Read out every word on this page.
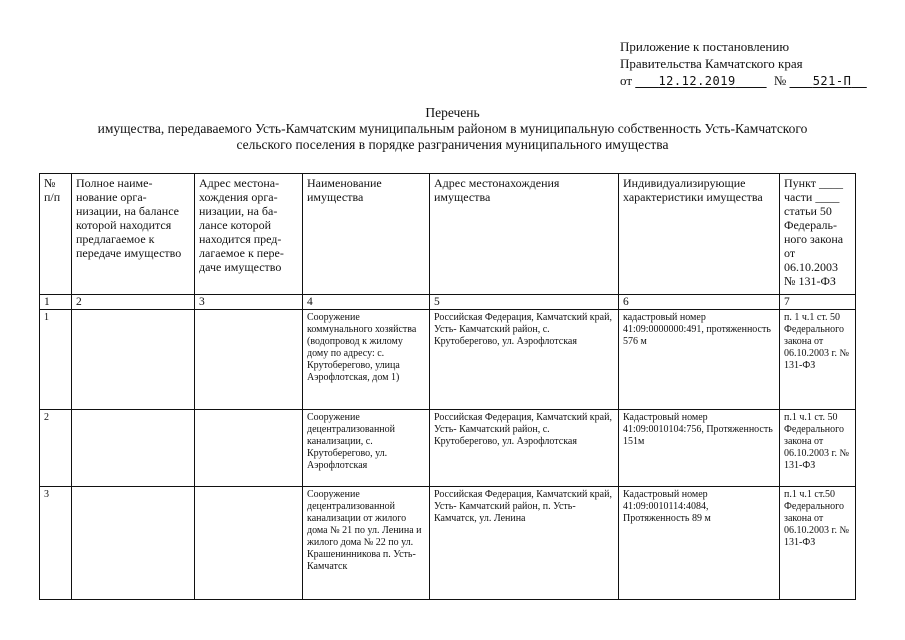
Приложение к постановлению
Правительства Камчатского края
от 12.12.2019	№ 521-П
Перечень
имущества, передаваемого Усть-Камчатским муниципальным районом в муниципальную собственность Усть-Камчатского
сельского поселения в порядке разграничения муниципального имущества
№ п/п	Полное наиме-нование орга-низации, на балансе которой находится предлагаемое к передаче имущество	Адрес местона-хождения орга-низации, на ба-лансе которой находится пред-лагаемое к пере-даче имущество	Наименование имущества	Адрес местонахождения имущества	Индивидуализирующие характеристики имущества	Пункт ____ части ____ статьи 50 Федераль-ного закона от 06.10.2003 № 131-ФЗ
1	2	3	4	5	6	7
1			Сооружение коммунального хозяйства (водопровод к жилому дому по адресу: с. Крутоберегово, улица Аэрофлотская, дом 1)	Российская Федерация, Камчатский край, Усть- Камчатский район, с. Крутоберегово, ул. Аэрофлотская	кадастровый номер 41:09:0000000:491, протяженность 576 м	п. 1 ч.1 ст. 50 Федерального закона от 06.10.2003 г. № 131-ФЗ
2			Сооружение децентрализованной канализации, с. Крутоберегово, ул. Аэрофлотская	Российская Федерация, Камчатский край, Усть- Камчатский район, с. Крутоберегово, ул. Аэрофлотская	Кадастровый номер 41:09:0010104:756, Протяженность 151м	п.1 ч.1 ст. 50 Федерального закона от 06.10.2003 г. № 131-ФЗ
3			Сооружение децентрализованной канализации от жилого дома № 21 по ул. Ленина и жилого дома № 22 по ул. Крашенинникова п. Усть-Камчатск	Российская Федерация, Камчатский край, Усть- Камчатский район, п. Усть-Камчатск, ул. Ленина	Кадастровый номер 41:09:0010114:4084, Протяженность 89 м	п.1 ч.1 ст.50 Федерального закона от 06.10.2003 г. № 131-ФЗ
